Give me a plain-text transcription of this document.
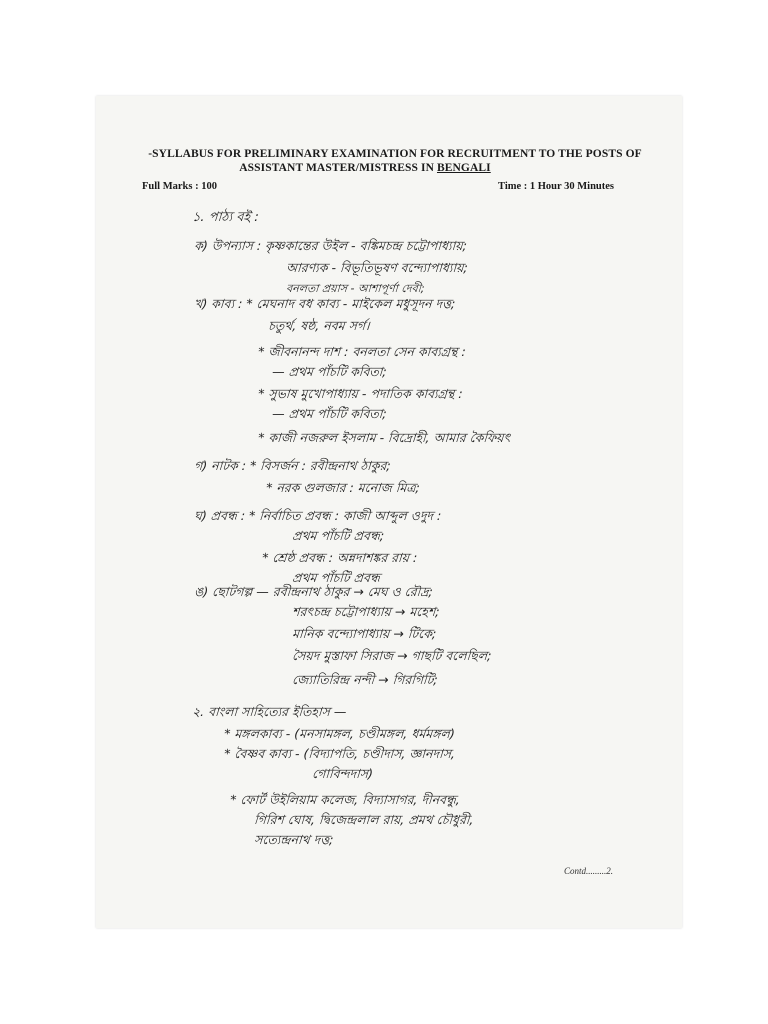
-SYLLABUS FOR PRELIMINARY EXAMINATION FOR RECRUITMENT TO THE POSTS OF
ASSISTANT MASTER/MISTRESS IN BENGALI
Full Marks : 100	Time : 1 Hour 30 Minutes
১. পাঠ্য বই :
ক) উপন্যাস : কৃষ্ণকান্তের উইল - বঙ্কিমচন্দ্র চট্টোপাধ্যায়;
আরণ্যক - বিভূতিভূষণ বন্দ্যোপাধ্যায়;
বনলতা প্রয়াস - আশাপূর্ণা দেবী;
খ) কাব্য : * মেঘনাদ বধ কাব্য - মাইকেল মধুসূদন দত্ত;
চতুর্থ, ষষ্ঠ, নবম সর্গ।
* জীবনানন্দ দাশ : বনলতা সেন কাব্যগ্রন্থ :
— প্রথম পাঁচটি কবিতা;
* সুভাষ মুখোপাধ্যায় - পদাতিক কাব্যগ্রন্থ :
— প্রথম পাঁচটি কবিতা;
* কাজী নজরুল ইসলাম - বিদ্রোহী, আমার কৈফিয়ৎ
গ) নাটক : * বিসর্জন : রবীন্দ্রনাথ ঠাকুর;
* নরক গুলজার : মনোজ মিত্র;
ঘ) প্রবন্ধ : * নির্বাচিত প্রবন্ধ : কাজী আব্দুল ওদুদ :
প্রথম পাঁচটি প্রবন্ধ;
* শ্রেষ্ঠ প্রবন্ধ : অন্নদাশঙ্কর রায় :
প্রথম পাঁচটি প্রবন্ধ
ঙ) ছোটগল্প — রবীন্দ্রনাথ ঠাকুর → মেঘ ও রৌদ্র;
শরৎচন্দ্র চট্টোপাধ্যায় → মহেশ;
মানিক বন্দ্যোপাধ্যায় → টিকে;
সৈয়দ মুস্তাফা সিরাজ → গাছটি বলেছিল;
জ্যোতিরিন্দ্র নন্দী → গিরগিটি;
২. বাংলা সাহিত্যের ইতিহাস —
* মঙ্গলকাব্য - (মনসামঙ্গল, চণ্ডীমঙ্গল, ধর্মমঙ্গল)
* বৈষ্ণব কাব্য - (বিদ্যাপতি, চণ্ডীদাস, জ্ঞানদাস,
গোবিন্দদাস)
* ফোর্ট উইলিয়াম কলেজ, বিদ্যাসাগর, দীনবন্ধু,
গিরিশ ঘোষ, দ্বিজেন্দ্রলাল রায়, প্রমথ চৌধুরী,
সত্যেন্দ্রনাথ দত্ত;
Contd.........2.
